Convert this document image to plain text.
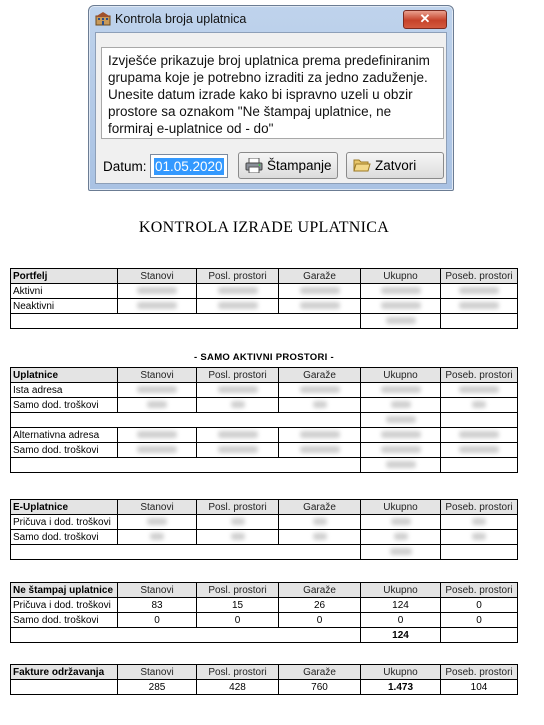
Kontrola broja uplatnica	✕
Izvješće prikazuje broj uplatnica prema predefiniranim grupama koje je potrebno izraditi za jedno zaduženje. Unesite datum izrade kako bi ispravno uzeli u obzir prostore sa oznakom "Ne štampaj uplatnice, ne formiraj e-uplatnice od - do"
Datum: 01.05.2020	Štampanje	Zatvori
KONTROLA IZRADE UPLATNICA
Portfelj	Stanovi	Posl. prostori	Garaže	Ukupno	Poseb. prostori
Aktivni					
Neaktivni					

- SAMO AKTIVNI PROSTORI -
Uplatnice	Stanovi	Posl. prostori	Garaže	Ukupno	Poseb. prostori
Ista adresa					
Samo dod. troškovi					

Alternativna adresa					
Samo dod. troškovi					

E-Uplatnice	Stanovi	Posl. prostori	Garaže	Ukupno	Poseb. prostori
Pričuva i dod. troškovi					
Samo dod. troškovi					

Ne štampaj uplatnice	Stanovi	Posl. prostori	Garaže	Ukupno	Poseb. prostori
Pričuva i dod. troškovi	83	15	26	124	0
Samo dod. troškovi	0	0	0	0	0
				124	
Fakture održavanja	Stanovi	Posl. prostori	Garaže	Ukupno	Poseb. prostori
	285	428	760	1.473	104
